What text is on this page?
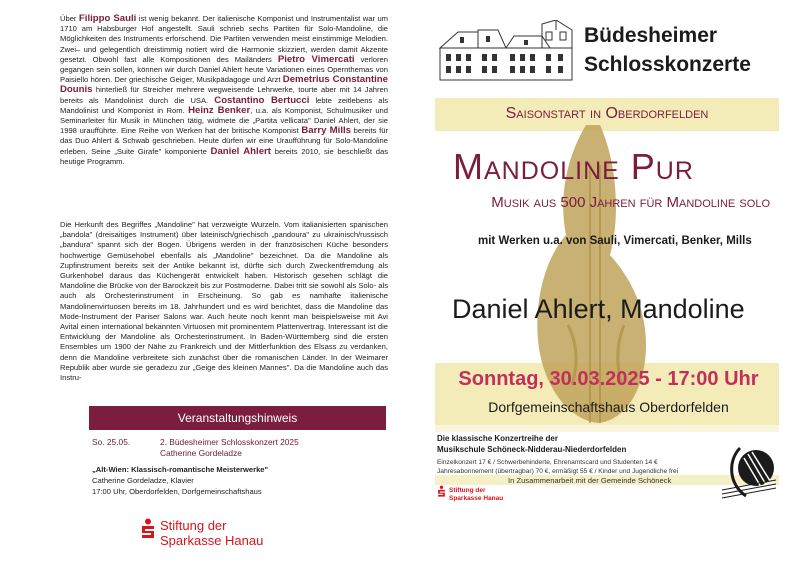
Über Filippo Sauli ist wenig bekannt. Der italienische Komponist und Instrumentalist war um 1710 am Habsburger Hof angestellt. Sauli schrieb sechs Partiten für Solo-Mandoline, die Möglichkeiten des Instruments erforschend. Die Partiten verwenden meist einstimmige Melodien. Zwei– und gelegentlich dreistimmig notiert wird die Harmonie skizziert, werden damit Akzente gesetzt. Obwohl fast alle Kompositionen des Mailänders Pietro Vimercati verloren gegangen sein sollen, können wir durch Daniel Ahlert heute Variationen eines Opernthemas von Paisiello hören. Der griechische Geiger, Musikpädagoge und Arzt Demetrius Constantine Dounis hinterließ für Streicher mehrere wegweisende Lehrwerke, tourte aber mit 14 Jahren bereits als Mandolinist durch die USA. Costantino Bertucci lebte zeitlebens als Mandolinist und Komponist in Rom. Heinz Benker, u.a. als Komponist, Schulmusiker und Seminarleiter für Musik in München tätig, widmete die „Partita vellicata" Daniel Ahlert, der sie 1998 uraufführte. Eine Reihe von Werken hat der britische Komponist Barry Mills bereits für das Duo Ahlert & Schwab geschrieben. Heute dürfen wir eine Uraufführung für Solo-Mandoline erleben. Seine „Suite Girafe" komponierte Daniel Ahlert bereits 2010, sie beschließt das heutige Programm.
Die Herkunft des Begriffes „Mandoline" hat verzweigte Wurzeln. Vom italianisierten spanischen „bandola" (dreisaitiges Instrument) über lateinisch/griechisch „pandoura" zu ukrainisch/russisch „bandura" spannt sich der Bogen. Übrigens werden in der französischen Küche besonders hochwertige Gemüsehobel ebenfalls als „Mandoline" bezeichnet. Da die Mandoline als Zupfinstrument bereits seit der Antike bekannt ist, dürfte sich durch Zweckentfremdung als Gurkenhobel daraus das Küchengerät entwickelt haben. Historisch gesehen schlägt die Mandoline die Brücke von der Barockzeit bis zur Postmoderne. Dabei tritt sie sowohl als Solo- als auch als Orchesterinstrument in Erscheinung. So gab es namhafte italienische Mandolinenvirtuosen bereits im 18. Jahrhundert und es wird berichtet, dass die Mandoline das Mode-Instrument der Pariser Salons war. Auch heute noch kennt man beispielsweise mit Avi Avital einen international bekannten Virtuosen mit prominentem Plattenvertrag. Interessant ist die Entwicklung der Mandoline als Orchesterinstrument. In Baden-Württemberg sind die ersten Ensembles um 1900 der Nähe zu Frankreich und der Mittlerfunktion des Elsass zu verdanken, denn die Mandoline verbreitete sich zunächst über die romanischen Länder. In der Weimarer Republik aber wurde sie geradezu zur „Geige des kleinen Mannes". Da die Mandoline auch das Instru-
Veranstaltungshinweis
So. 25.05.	2. Büdesheimer Schlosskonzert 2025
Catherine Gordeladze
„Alt-Wien: Klassisch-romantische Meisterwerke"
Catherine Gordeladze, Klavier
17:00 Uhr, Oberdorfelden, Dorfgemeinschaftshaus
Stiftung der
Sparkasse Hanau
Büdesheimer
Schlosskonzerte
Saisonstart in Oberdorfelden
Mandoline Pur
Musik aus 500 Jahren für Mandoline solo
mit Werken u.a. von Sauli, Vimercati, Benker, Mills
Daniel Ahlert, Mandoline
Sonntag, 30.03.2025 - 17:00 Uhr
Dorfgemeinschaftshaus Oberdorfelden
Die klassische Konzertreihe der
Musikschule Schöneck-Nidderau-Niederdorfelden
Einzelkonzert 17 € / Schwerbehinderte, Ehrenamtscard und Studenten 14 €
Jahresabonnement (übertragbar) 70 €, ermäßigt 55 € / Kinder und Jugendliche frei
In Zusammenarbeit mit der Gemeinde Schöneck
Stiftung der
Sparkasse Hanau
